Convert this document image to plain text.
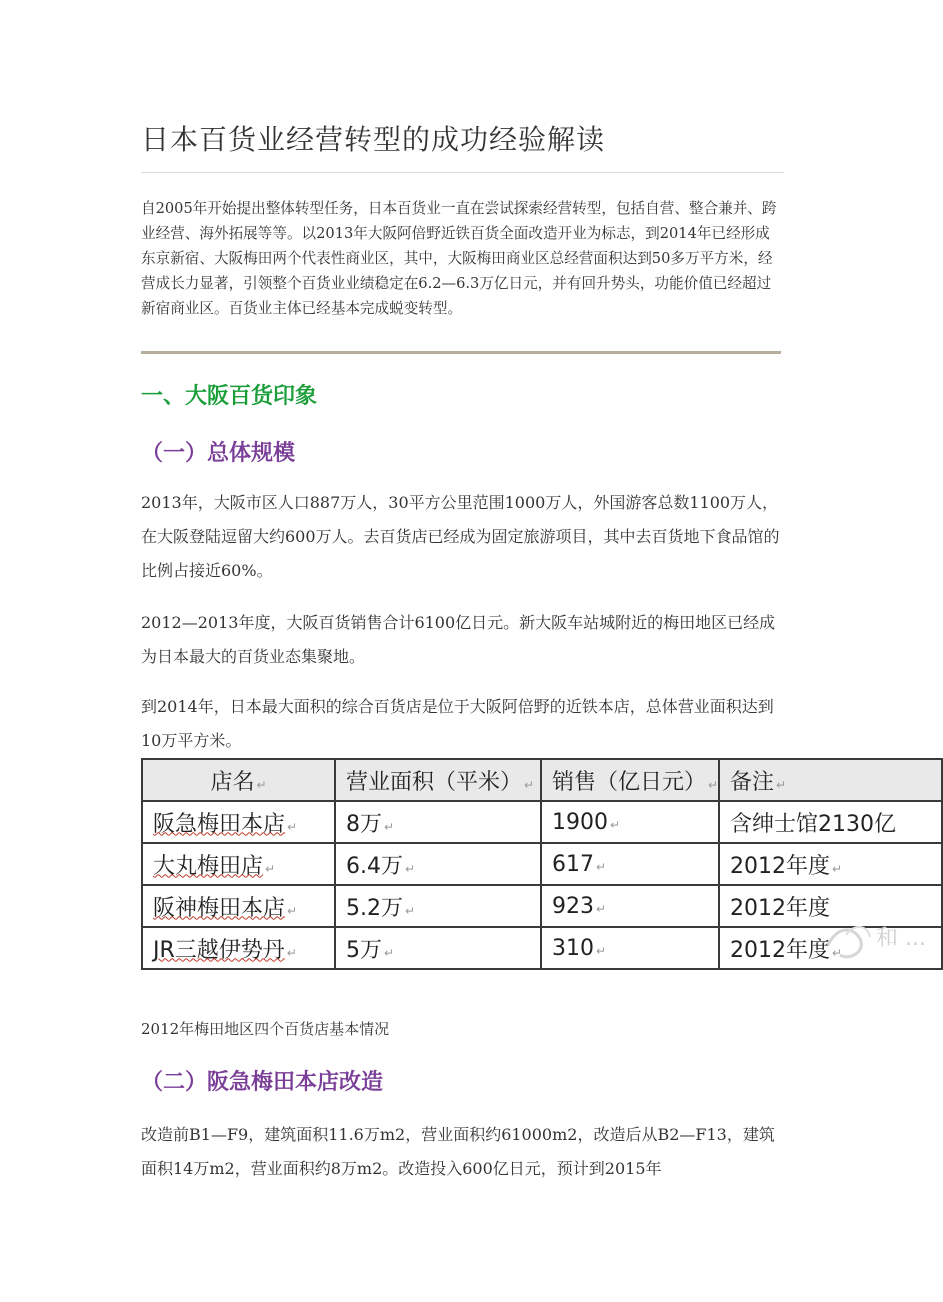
日本百货业经营转型的成功经验解读
自2005年开始提出整体转型任务，日本百货业一直在尝试探索经营转型，包括自营、整合兼并、跨业经营、海外拓展等等。以2013年大阪阿倍野近铁百货全面改造开业为标志，到2014年已经形成东京新宿、大阪梅田两个代表性商业区，其中，大阪梅田商业区总经营面积达到50多万平方米，经营成长力显著，引领整个百货业业绩稳定在6.2—6.3万亿日元，并有回升势头，功能价值已经超过新宿商业区。百货业主体已经基本完成蜕变转型。
一、大阪百货印象
（一）总体规模
2013年，大阪市区人口887万人，30平方公里范围1000万人，外国游客总数1100万人，在大阪登陆逗留大约600万人。去百货店已经成为固定旅游项目，其中去百货地下食品馆的比例占接近60%。
2012—2013年度，大阪百货销售合计6100亿日元。新大阪车站城附近的梅田地区已经成为日本最大的百货业态集聚地。
到2014年，日本最大面积的综合百货店是位于大阪阿倍野的近铁本店，总体营业面积达到10万平方米。
店名 ↵	营业面积（平米） ↵	销售（亿日元） ↵	备注 ↵
阪急梅田本店 ↵	8万 ↵	1900 ↵	含绅士馆2130亿
大丸梅田店 ↵	6.4万 ↵	617 ↵	2012年度 ↵
阪神梅田本店 ↵	5.2万 ↵	923 ↵	2012年度
JR三越伊势丹 ↵	5万 ↵	310 ↵	2012年度 ↵
和 ...
2012年梅田地区四个百货店基本情况
（二）阪急梅田本店改造
改造前B1—F9，建筑面积11.6万m2，营业面积约61000m2，改造后从B2—F13，建筑面积14万m2，营业面积约8万m2。改造投入600亿日元，预计到2015年
